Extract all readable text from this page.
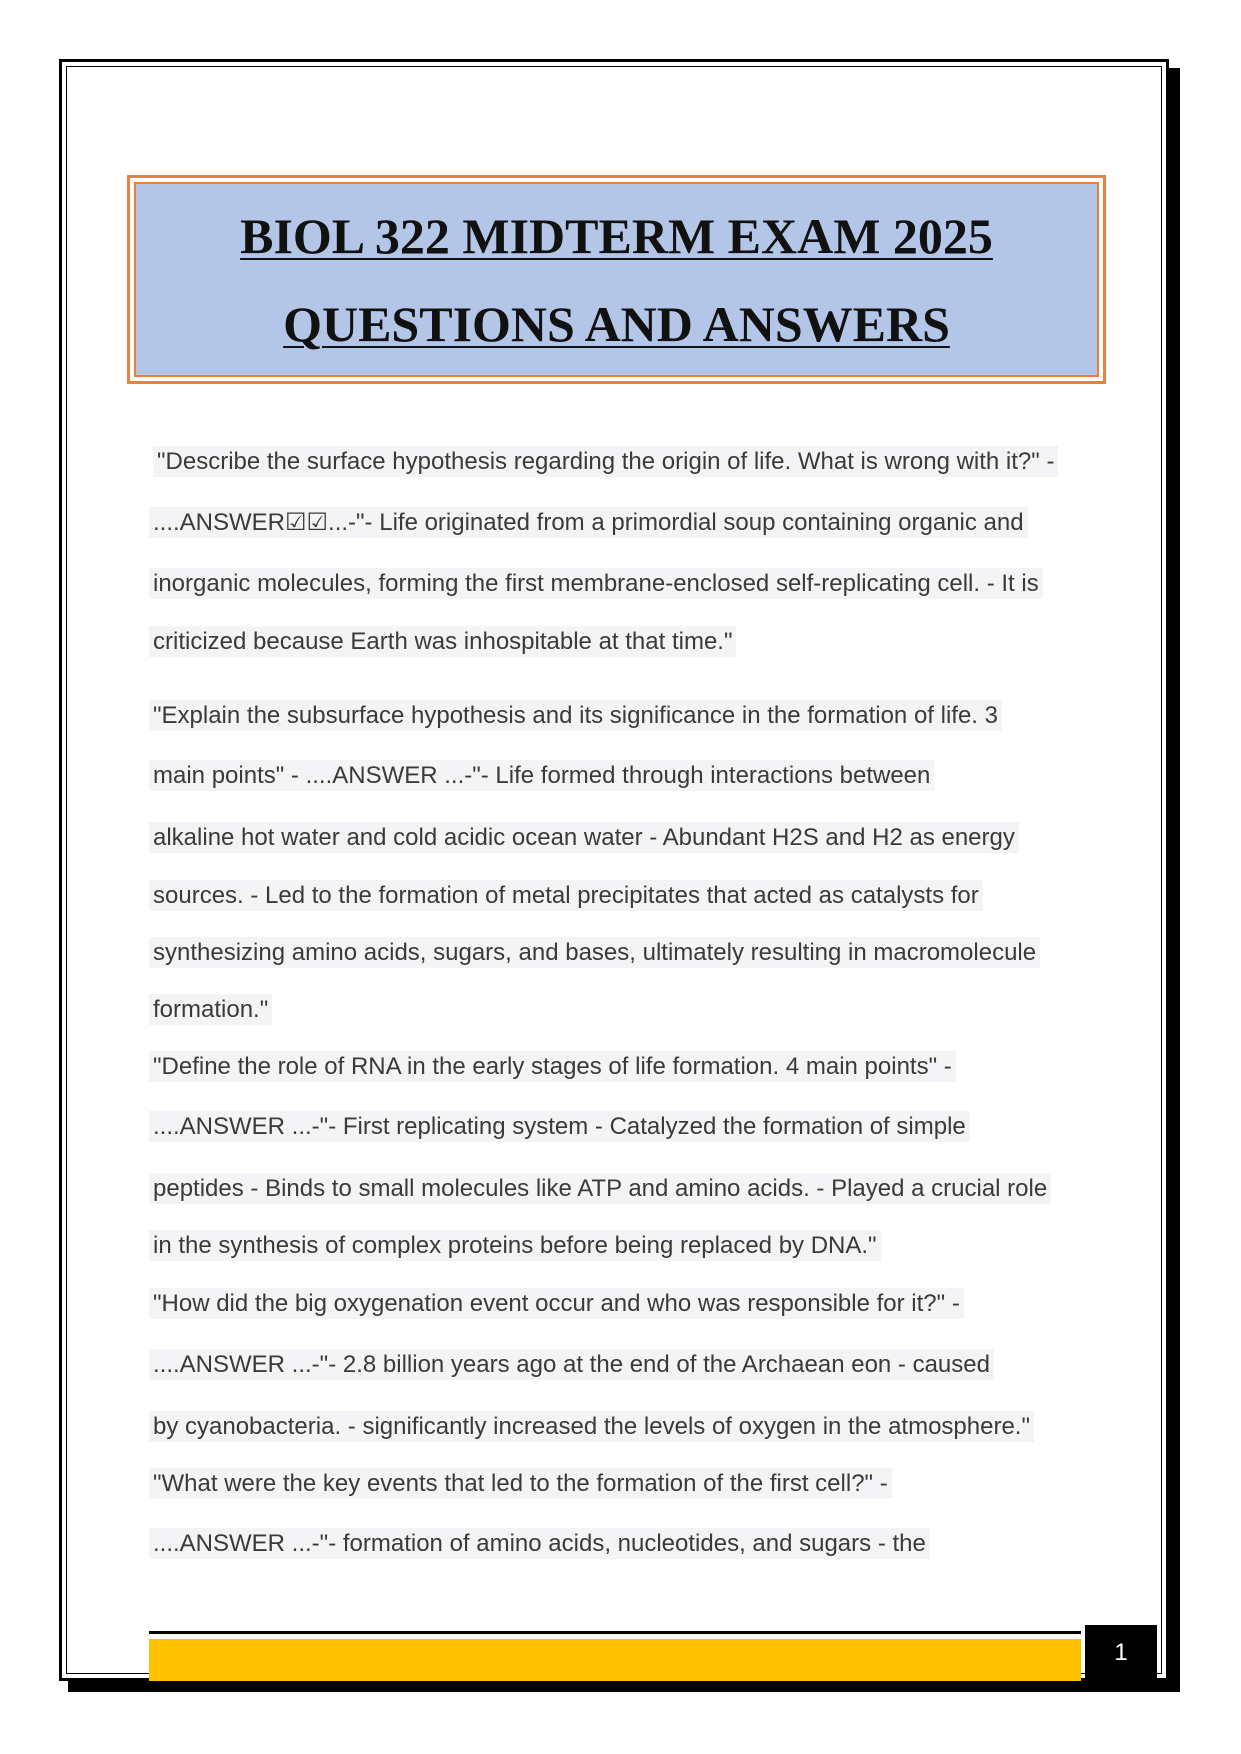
BIOL 322 MIDTERM EXAM 2025
QUESTIONS AND ANSWERS
"Describe the surface hypothesis regarding the origin of life. What is wrong with it?" -
....ANSWER☑☑...-"- Life originated from a primordial soup containing organic and
inorganic molecules, forming the first membrane-enclosed self-replicating cell. - It is
criticized because Earth was inhospitable at that time."
"Explain the subsurface hypothesis and its significance in the formation of life. 3
main points" - ....ANSWER ...-"- Life formed through interactions between
alkaline hot water and cold acidic ocean water - Abundant H2S and H2 as energy
sources. - Led to the formation of metal precipitates that acted as catalysts for
synthesizing amino acids, sugars, and bases, ultimately resulting in macromolecule
formation."
"Define the role of RNA in the early stages of life formation. 4 main points" -
....ANSWER ...-"- First replicating system - Catalyzed the formation of simple
peptides - Binds to small molecules like ATP and amino acids. - Played a crucial role
in the synthesis of complex proteins before being replaced by DNA."
"How did the big oxygenation event occur and who was responsible for it?" -
....ANSWER ...-"- 2.8 billion years ago at the end of the Archaean eon - caused
by cyanobacteria. - significantly increased the levels of oxygen in the atmosphere."
"What were the key events that led to the formation of the first cell?" -
....ANSWER ...-"- formation of amino acids, nucleotides, and sugars - the
1
